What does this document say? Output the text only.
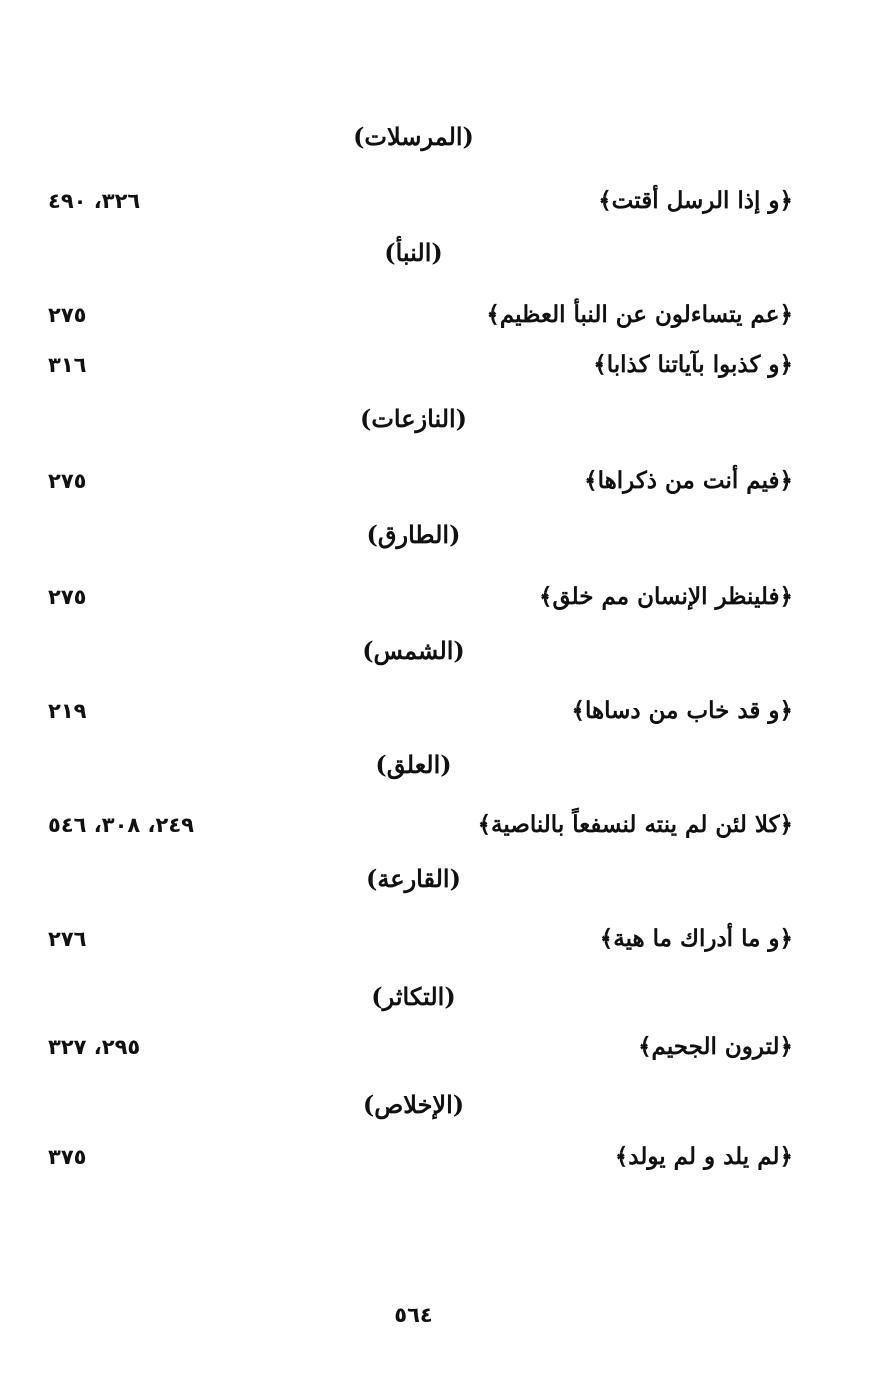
(المرسلات)
﴿و إذا الرسل أقتت﴾
٣٢٦، ٤٩٠
(النبأ)
﴿عم يتساءلون عن النبأ العظيم﴾
٢٧٥
﴿و كذبوا بآياتنا كذابا﴾
٣١٦
(النازعات)
﴿فيم أنت من ذكراها﴾
٢٧٥
(الطارق)
﴿فلينظر الإنسان مم خلق﴾
٢٧٥
(الشمس)
﴿و قد خاب من دساها﴾
٢١٩
(العلق)
﴿كلا لئن لم ينته لنسفعاً بالناصية﴾
٢٤٩، ٣٠٨، ٥٤٦
(القارعة)
﴿و ما أدراك ما هية﴾
٢٧٦
(التكاثر)
﴿لترون الجحيم﴾
٢٩٥، ٣٢٧
(الإخلاص)
﴿لم يلد و لم يولد﴾
٣٧٥
٥٦٤
